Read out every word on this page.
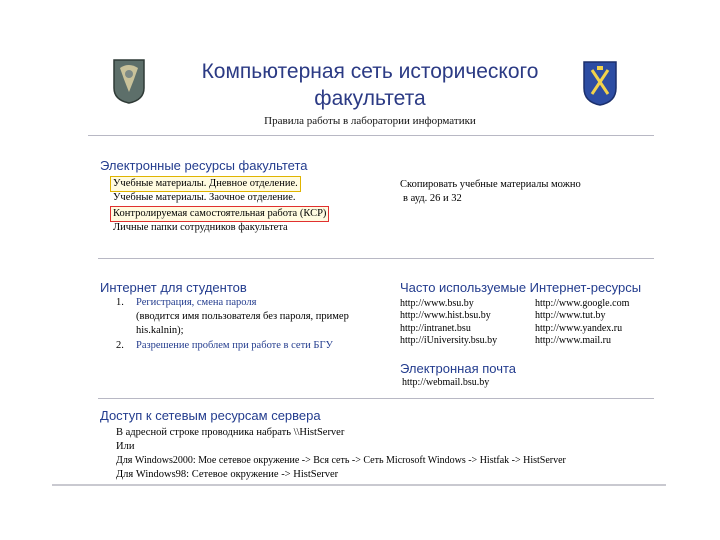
Компьютерная сеть исторического
факультета
Правила работы в лаборатории информатики
Электронные ресурсы факультета
Учебные материалы. Дневное отделение.
Учебные материалы. Заочное отделение.
Контролируемая самостоятельная работа (КСР)
Личные папки сотрудников факультета
Скопировать учебные материалы можно
в ауд. 26 и 32
Интернет для студентов
1.	Регистрация, смена пароля
(вводится имя пользователя без пароля, пример
his.kalnin);
2.	Разрешение проблем при работе в сети БГУ
Часто используемые Интернет-ресурсы
http://www.bsu.by
http://www.hist.bsu.by
http://intranet.bsu
http://iUniversity.bsu.by
http://www.google.com
http://www.tut.by
http://www.yandex.ru
http://www.mail.ru
Электронная почта
http://webmail.bsu.by
Доступ к сетевым ресурсам сервера
В адресной строке проводника набрать \\HistServer
Или
Для Windows2000: Мое сетевое окружение -> Вся сеть -> Сеть Microsoft Windows -> Histfak -> HistServer
Для Windows98: Сетевое окружение -> HistServer
